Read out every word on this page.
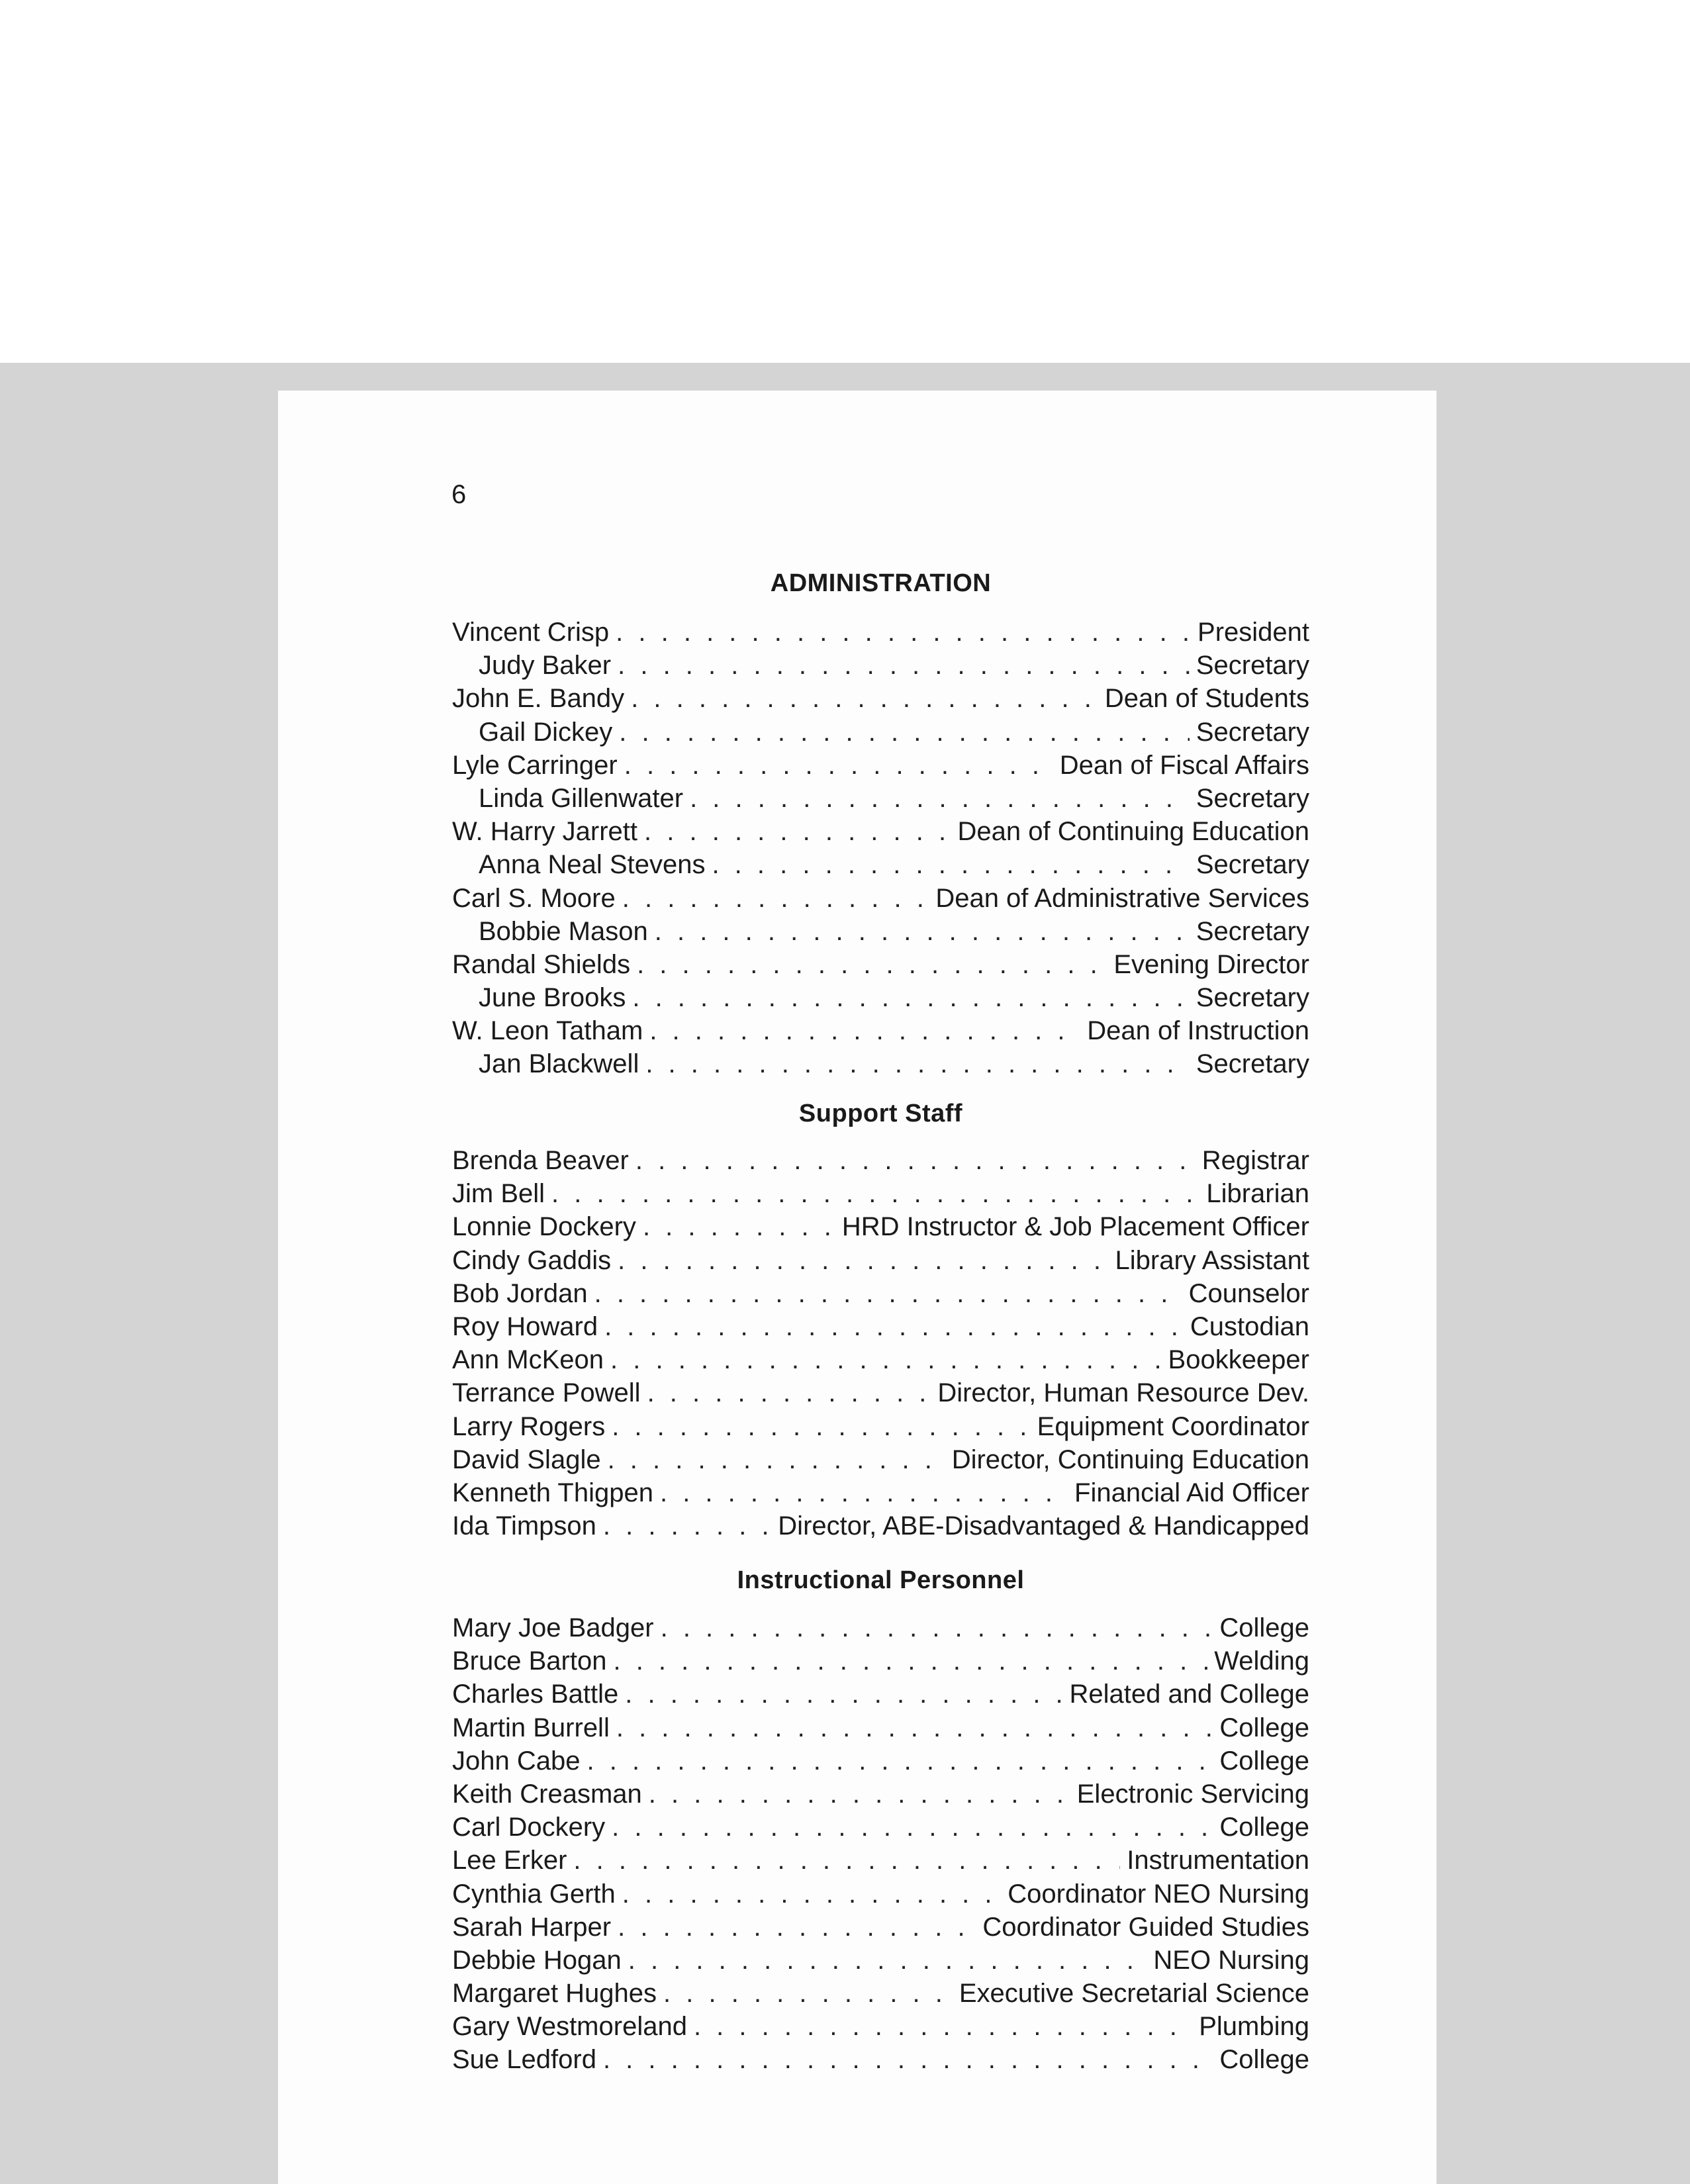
6
ADMINISTRATION
Vincent Crisp . . .	President
Judy Baker . . .	Secretary
John E. Bandy . . .	Dean of Students
Gail Dickey . . .	Secretary
Lyle Carringer . . .	Dean of Fiscal Affairs
Linda Gillenwater . . .	Secretary
W. Harry Jarrett . . .	Dean of Continuing Education
Anna Neal Stevens . . .	Secretary
Carl S. Moore . . .	Dean of Administrative Services
Bobbie Mason . . .	Secretary
Randal Shields . . .	Evening Director
June Brooks . . .	Secretary
W. Leon Tatham . . .	Dean of Instruction
Jan Blackwell . . .	Secretary
Support Staff
Brenda Beaver . . .	Registrar
Jim Bell . . .	Librarian
Lonnie Dockery . . .	HRD Instructor & Job Placement Officer
Cindy Gaddis . . .	Library Assistant
Bob Jordan . . .	Counselor
Roy Howard . . .	Custodian
Ann McKeon . . .	Bookkeeper
Terrance Powell . . .	Director, Human Resource Dev.
Larry Rogers . . .	Equipment Coordinator
David Slagle . . .	Director, Continuing Education
Kenneth Thigpen . . .	Financial Aid Officer
Ida Timpson . . .	Director, ABE-Disadvantaged & Handicapped
Instructional Personnel
Mary Joe Badger . . .	College
Bruce Barton . . .	Welding
Charles Battle . . .	Related and College
Martin Burrell . . .	College
John Cabe . . .	College
Keith Creasman . . .	Electronic Servicing
Carl Dockery . . .	College
Lee Erker . . .	Instrumentation
Cynthia Gerth . . .	Coordinator NEO Nursing
Sarah Harper . . .	Coordinator Guided Studies
Debbie Hogan . . .	NEO Nursing
Margaret Hughes . . .	Executive Secretarial Science
Gary Westmoreland . . .	Plumbing
Sue Ledford . . .	College
